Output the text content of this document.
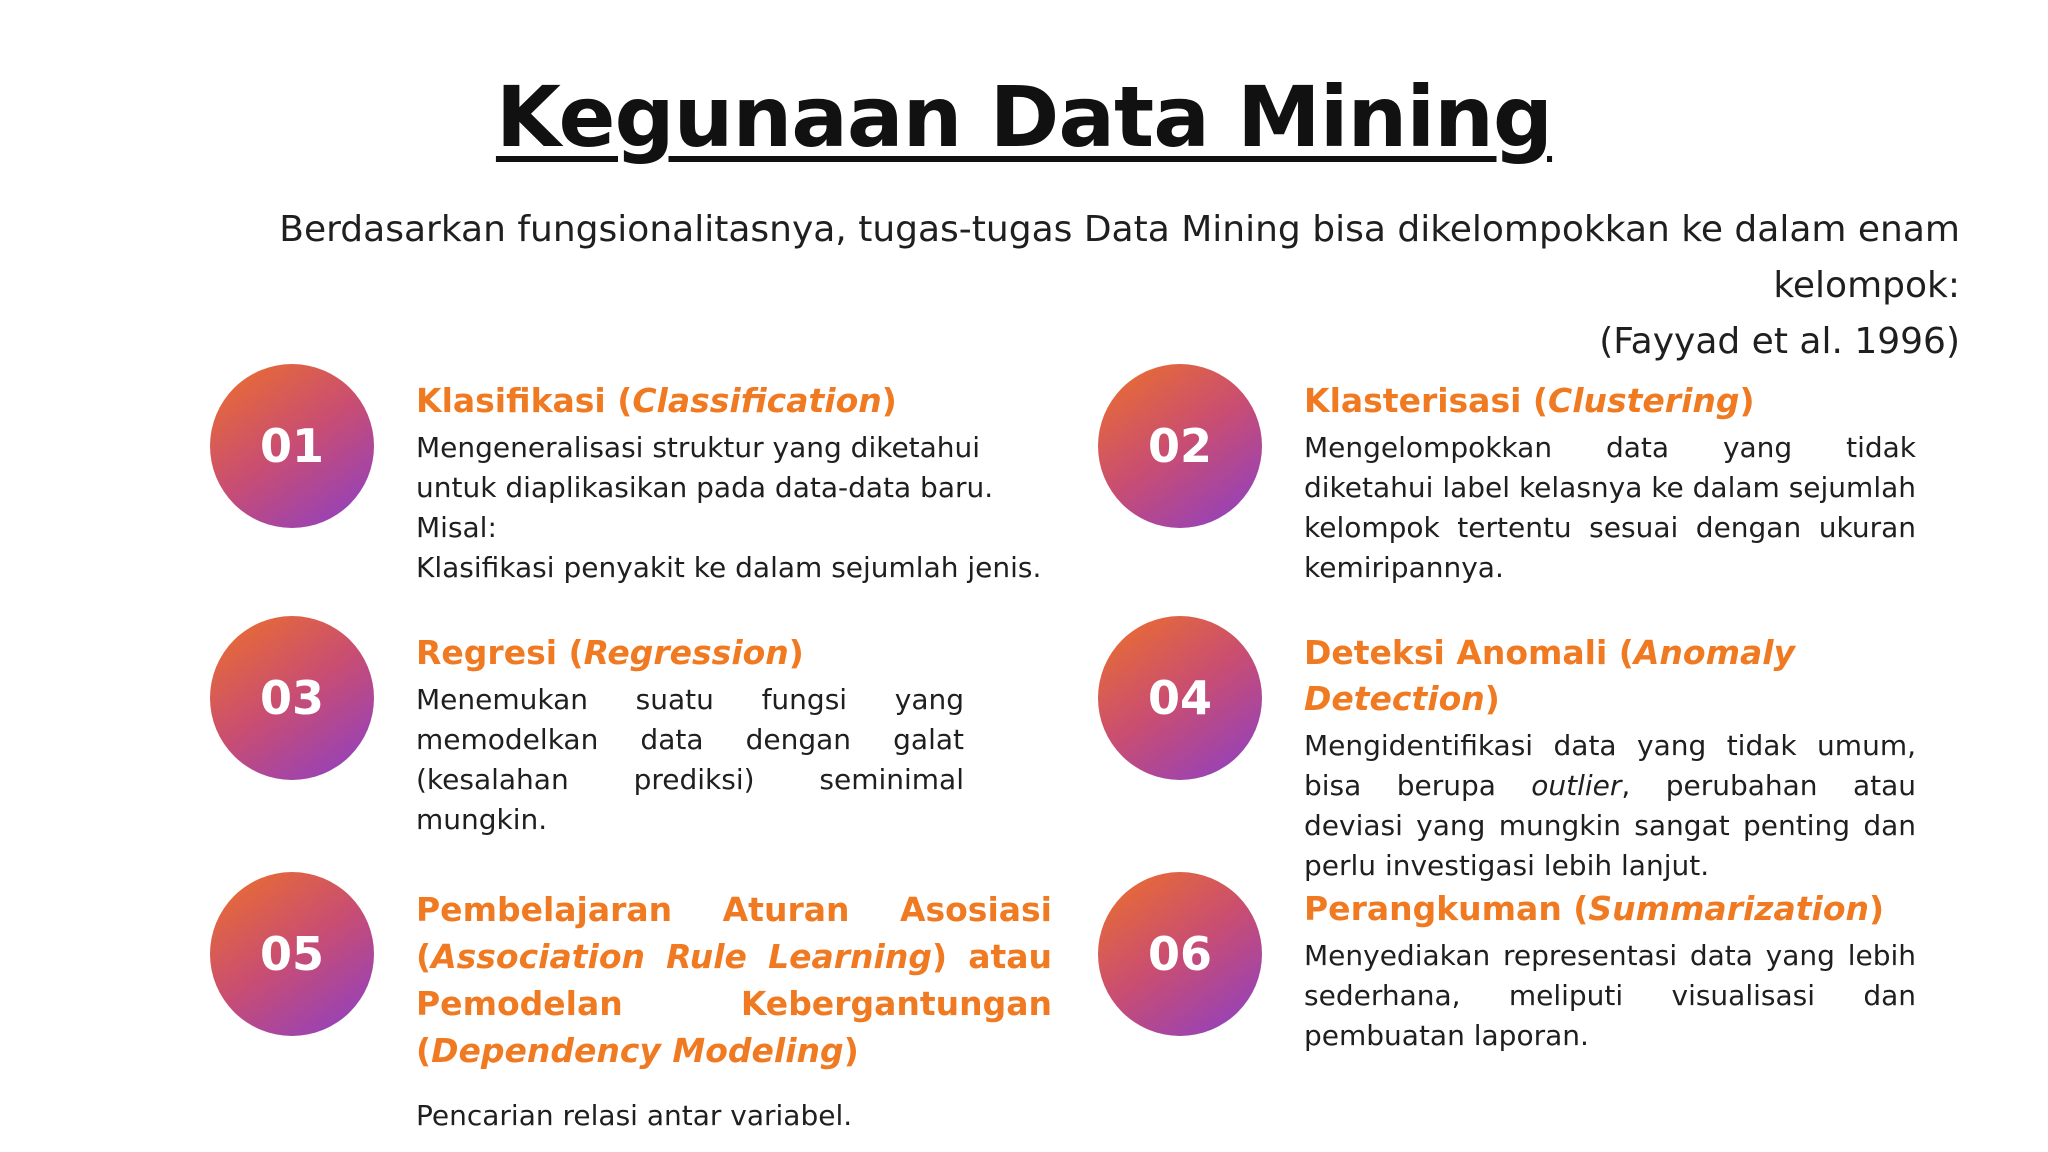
Kegunaan Data Mining
Berdasarkan fungsionalitasnya, tugas-tugas Data Mining bisa dikelompokkan ke dalam enam kelompok:
(Fayyad et al. 1996)
01

Klasifikasi (Classification)

Mengeneralisasi struktur yang diketahui untuk diaplikasikan pada data-data baru.
Misal:
Klasifikasi penyakit ke dalam sejumlah jenis.

02

Klasterisasi (Clustering)

Mengelompokkan data yang tidak diketahui label kelasnya ke dalam sejumlah kelompok tertentu sesuai dengan ukuran kemiripannya.

03

Regresi (Regression)

Menemukan suatu fungsi yang memodelkan data dengan galat (kesalahan prediksi) seminimal mungkin.

04

Deteksi Anomali (Anomaly Detection)

Mengidentifikasi data yang tidak umum, bisa berupa outlier, perubahan atau deviasi yang mungkin sangat penting dan perlu investigasi lebih lanjut.

05

Pembelajaran Aturan Asosiasi (Association Rule Learning) atau Pemodelan Kebergantungan (Dependency Modeling)

Pencarian relasi antar variabel.

06

Perangkuman (Summarization)

Menyediakan representasi data yang lebih sederhana, meliputi visualisasi dan pembuatan laporan.
